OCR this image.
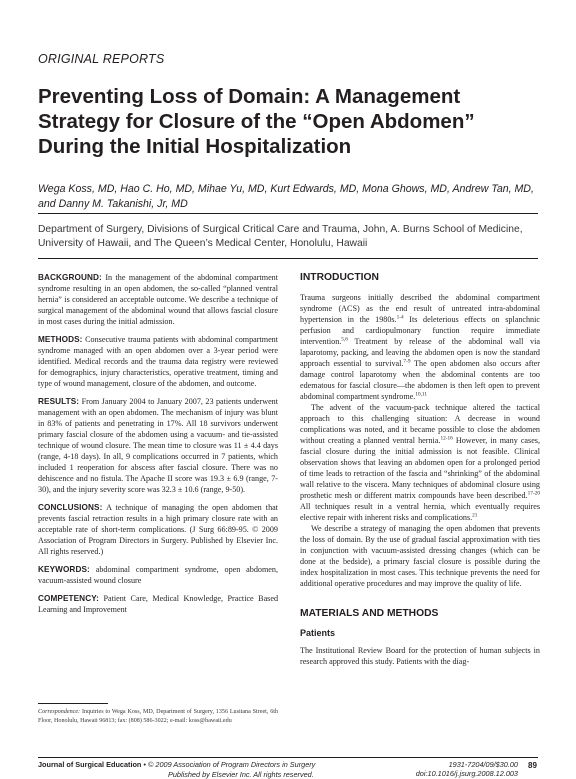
ORIGINAL REPORTS
Preventing Loss of Domain: A Management Strategy for Closure of the “Open Abdomen” During the Initial Hospitalization
Wega Koss, MD, Hao C. Ho, MD, Mihae Yu, MD, Kurt Edwards, MD, Mona Ghows, MD, Andrew Tan, MD, and Danny M. Takanishi, Jr, MD
Department of Surgery, Divisions of Surgical Critical Care and Trauma, John, A. Burns School of Medicine, University of Hawaii, and The Queen’s Medical Center, Honolulu, Hawaii

BACKGROUND: In the management of the abdominal compartment syndrome resulting in an open abdomen, the so-called “planned ventral hernia” is considered an acceptable outcome. We describe a technique of surgical management of the abdominal wound that allows fascial closure in most cases during the initial admission.

METHODS: Consecutive trauma patients with abdominal compartment syndrome managed with an open abdomen over a 3-year period were identified. Medical records and the trauma data registry were reviewed for demographics, injury characteristics, operative treatment, timing and type of wound management, closure of the abdomen, and outcome.

RESULTS: From January 2004 to January 2007, 23 patients underwent management with an open abdomen. The mechanism of injury was blunt in 83% of patients and penetrating in 17%. All 18 survivors underwent primary fascial closure of the abdomen using a vacuum- and tie-assisted technique of wound closure. The mean time to closure was 11 ± 4.4 days (range, 4-18 days). In all, 9 complications occurred in 7 patients, which included 1 reoperation for abscess after fascial closure. There was no dehiscence and no fistula. The Apache II score was 19.3 ± 6.9 (range, 7-30), and the injury severity score was 32.3 ± 10.6 (range, 9-50).

CONCLUSIONS: A technique of managing the open abdomen that prevents fascial retraction results in a high primary closure rate with an acceptable rate of short-term complications. (J Surg 66:89-95. © 2009 Association of Program Directors in Surgery. Published by Elsevier Inc. All rights reserved.)

KEYWORDS: abdominal compartment syndrome, open abdomen, vacuum-assisted wound closure

COMPETENCY: Patient Care, Medical Knowledge, Practice Based Learning and Improvement

Correspondence: Inquiries to Wega Koss, MD, Department of Surgery, 1356 Lusitana Street, 6th Floor, Honolulu, Hawaii 96813; fax: (808) 586-3022; e-mail: koss@hawaii.edu

INTRODUCTION

Trauma surgeons initially described the abdominal compartment syndrome (ACS) as the end result of untreated intra-abdominal hypertension in the 1980s.$^{1-4}$ Its deleterious effects on splanchnic perfusion and cardiopulmonary function require immediate intervention.$^{5,6}$ Treatment by release of the abdominal wall via laparotomy, packing, and leaving the abdomen open is now the standard approach essential to survival.$^{7-9}$ The open abdomen also occurs after damage control laparotomy when the abdominal contents are too edematous for fascial closure—the abdomen is then left open to prevent abdominal compartment syndrome.$^{10,11}$

The advent of the vacuum-pack technique altered the tactical approach to this challenging situation: A decrease in wound complications was noted, and it became possible to close the abdomen without creating a planned ventral hernia.$^{12-16}$ However, in many cases, fascial closure during the initial admission is not feasible. Clinical observation shows that leaving an abdomen open for a prolonged period of time leads to retraction of the fascia and “shrinking” of the abdominal wall relative to the viscera. Many techniques of abdominal closure using prosthetic mesh or different matrix compounds have been described.$^{17-20}$ All techniques result in a ventral hernia, which eventually requires elective repair with inherent risks and complications.$^{21}$

We describe a strategy of managing the open abdomen that prevents the loss of domain. By the use of gradual fascial approximation with ties in conjunction with vacuum-assisted dressing changes (which can be done at the bedside), a primary fascial closure is possible during the index hospitalization in most cases. This technique prevents the need for additional operative procedures and may improve the quality of life.

MATERIALS AND METHODS
Patients

The Institutional Review Board for the protection of human subjects in research approved this study. Patients with the diag-

Journal of Surgical Education • © 2009 Association of Program Directors in Surgery
Published by Elsevier Inc. All rights reserved.
1931-7204/09/$30.00
doi:10.1016/j.jsurg.2008.12.003
89
